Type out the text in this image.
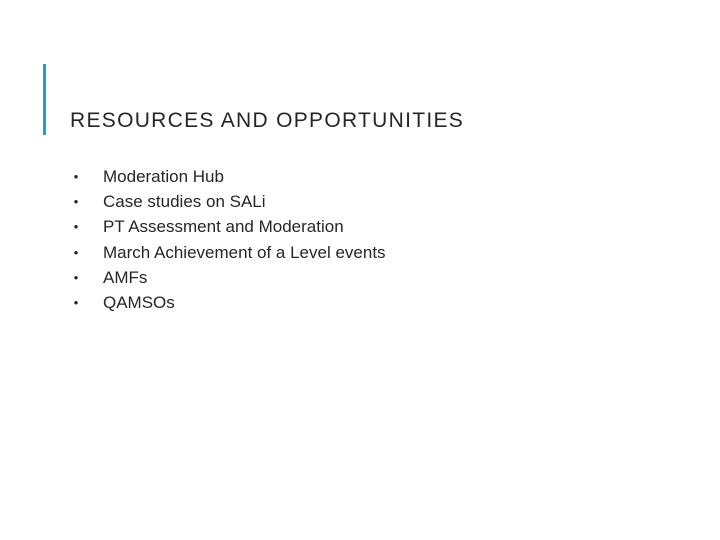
RESOURCES AND OPPORTUNITIES
• Moderation Hub
• Case studies on SALi
• PT Assessment and Moderation
• March Achievement of a Level events
• AMFs
• QAMSOs
